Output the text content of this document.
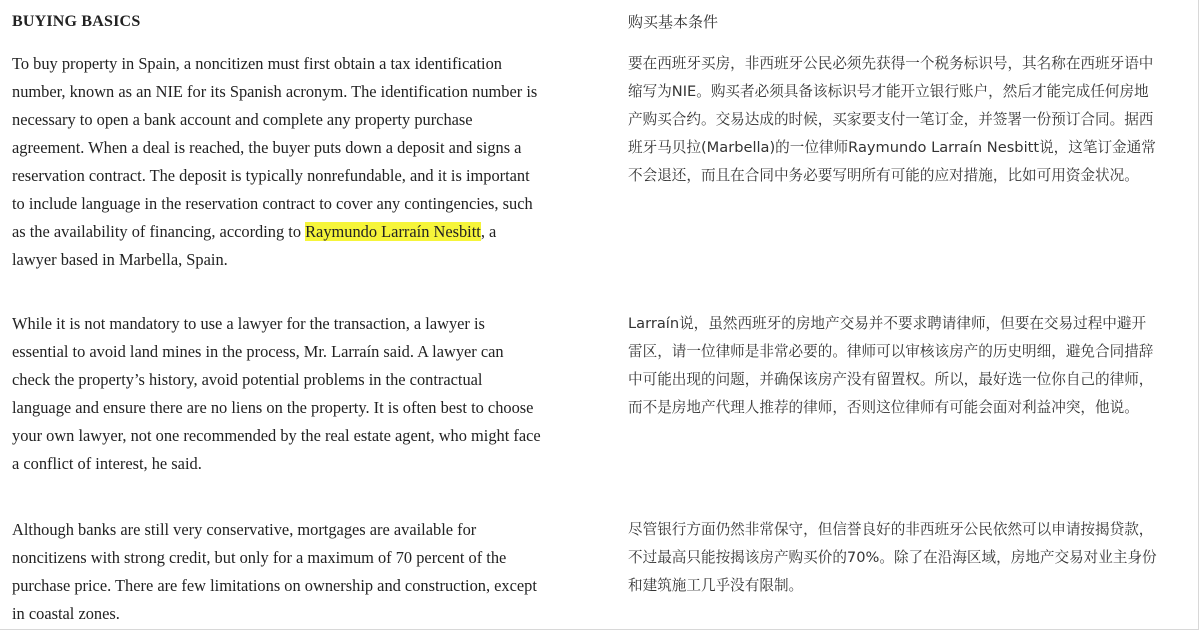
BUYING BASICS

To buy property in Spain, a noncitizen must first obtain a tax identification number, known as an NIE for its Spanish acronym. The identification number is necessary to open a bank account and complete any property purchase agreement. When a deal is reached, the buyer puts down a deposit and signs a reservation contract. The deposit is typically nonrefundable, and it is important to include language in the reservation contract to cover any contingencies, such as the availability of financing, according to Raymundo Larraín Nesbitt, a lawyer based in Marbella, Spain.

While it is not mandatory to use a lawyer for the transaction, a lawyer is essential to avoid land mines in the process, Mr. Larraín said. A lawyer can check the property’s history, avoid potential problems in the contractual language and ensure there are no liens on the property. It is often best to choose your own lawyer, not one recommended by the real estate agent, who might face a conflict of interest, he said.

Although banks are still very conservative, mortgages are available for noncitizens with strong credit, but only for a maximum of 70 percent of the purchase price. There are few limitations on ownership and construction, except in coastal zones.

购买基本条件

要在西班牙买房，非西班牙公民必须先获得一个税务标识号，其名称在西班牙语中缩写为NIE。购买者必须具备该标识号才能开立银行账户，然后才能完成任何房地产购买合约。交易达成的时候，买家要支付一笔订金，并签署一份预订合同。据西班牙马贝拉(Marbella)的一位律师Raymundo Larraín Nesbitt说，这笔订金通常不会退还，而且在合同中务必要写明所有可能的应对措施，比如可用资金状况。

Larraín说，虽然西班牙的房地产交易并不要求聘请律师，但要在交易过程中避开雷区，请一位律师是非常必要的。律师可以审核该房产的历史明细，避免合同措辞中可能出现的问题，并确保该房产没有留置权。所以，最好选一位你自己的律师，而不是房地产代理人推荐的律师，否则这位律师有可能会面对利益冲突，他说。

尽管银行方面仍然非常保守，但信誉良好的非西班牙公民依然可以申请按揭贷款，不过最高只能按揭该房产购买价的70%。除了在沿海区域，房地产交易对业主身份和建筑施工几乎没有限制。
